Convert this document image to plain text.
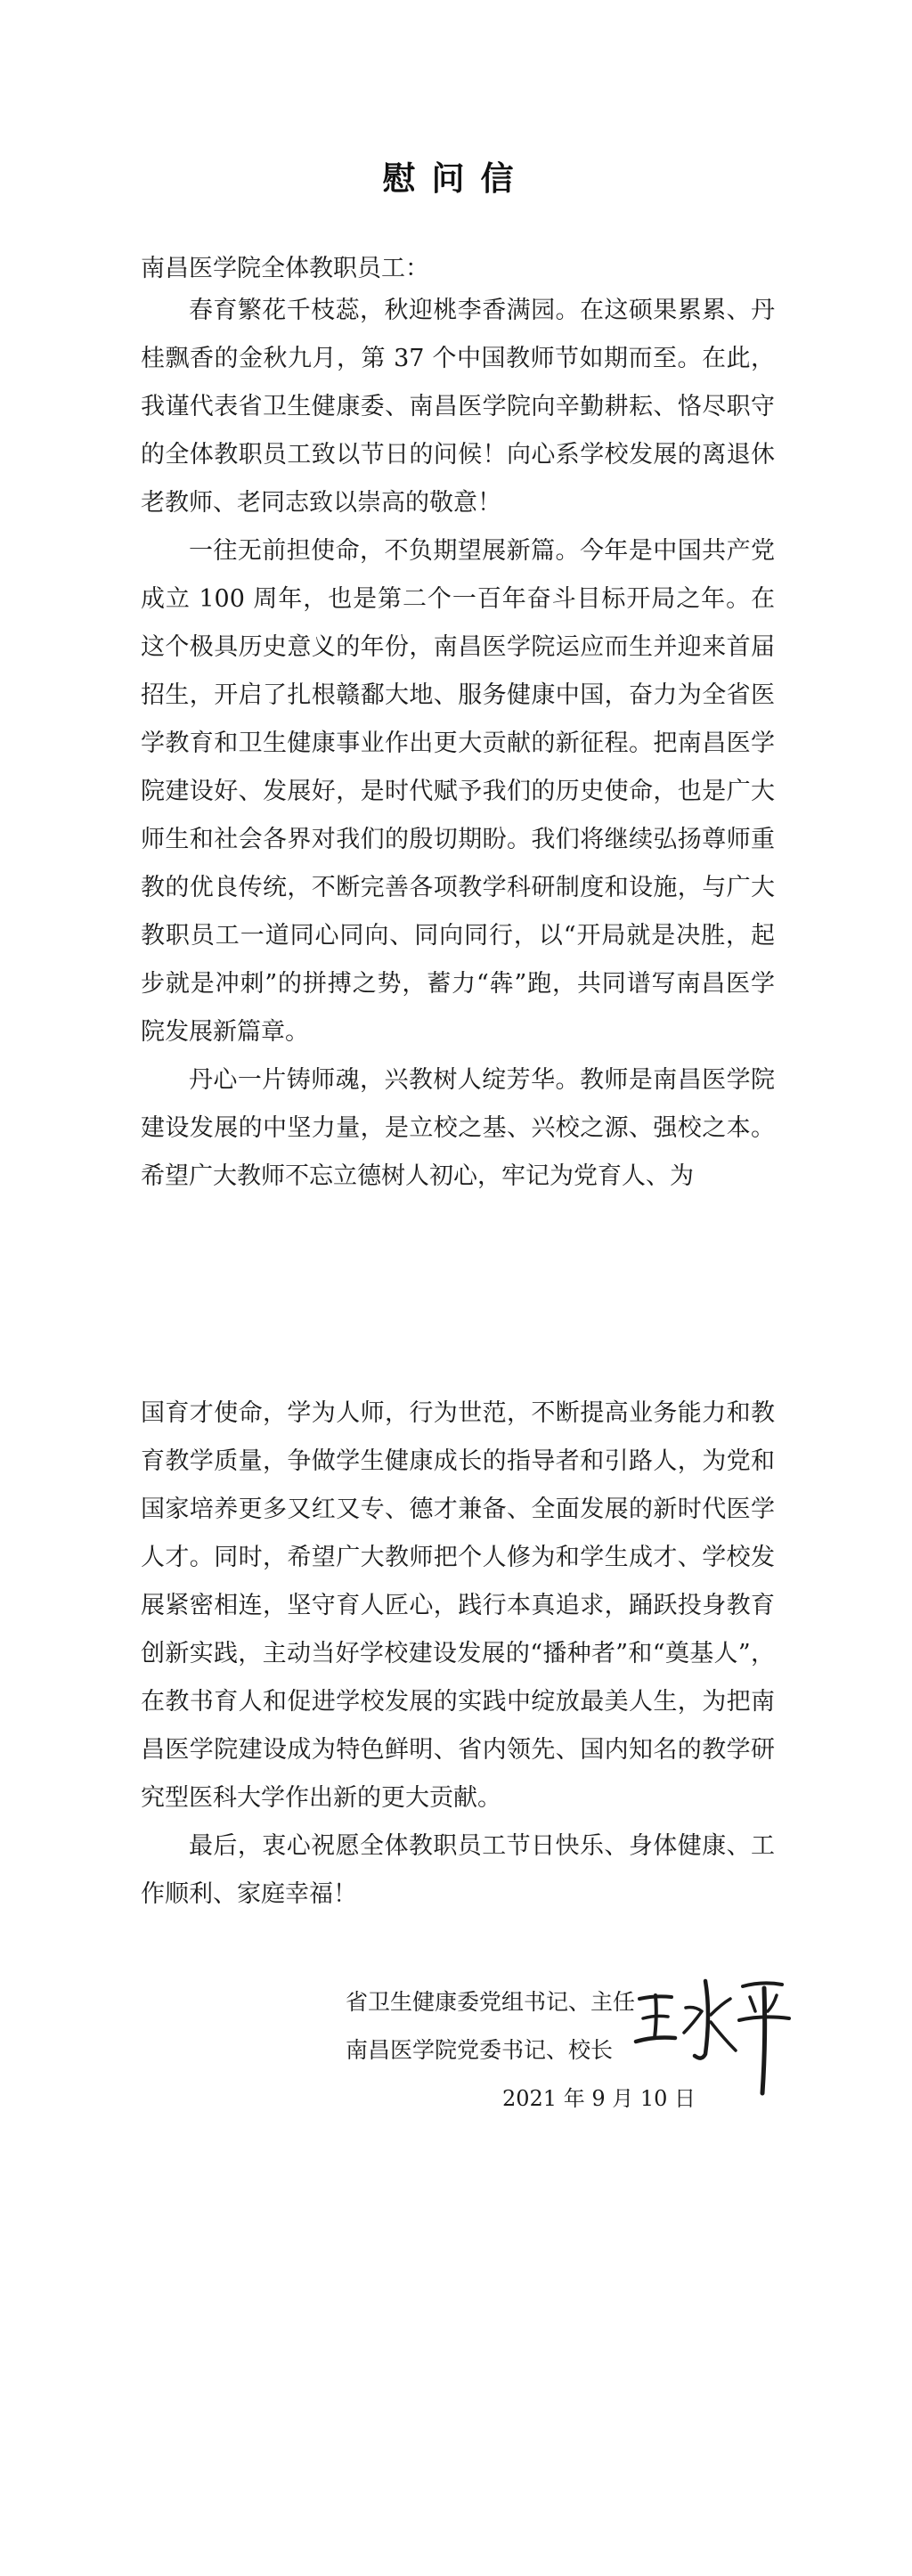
慰问信
南昌医学院全体教职员工：

春育繁花千枝蕊，秋迎桃李香满园。在这硕果累累、丹桂飘香的金秋九月，第 37 个中国教师节如期而至。在此，我谨代表省卫生健康委、南昌医学院向辛勤耕耘、恪尽职守的全体教职员工致以节日的问候！向心系学校发展的离退休老教师、老同志致以崇高的敬意！

一往无前担使命，不负期望展新篇。今年是中国共产党成立 100 周年，也是第二个一百年奋斗目标开局之年。在这个极具历史意义的年份，南昌医学院运应而生并迎来首届招生，开启了扎根赣鄱大地、服务健康中国，奋力为全省医学教育和卫生健康事业作出更大贡献的新征程。把南昌医学院建设好、发展好，是时代赋予我们的历史使命，也是广大师生和社会各界对我们的殷切期盼。我们将继续弘扬尊师重教的优良传统，不断完善各项教学科研制度和设施，与广大教职员工一道同心同向、同向同行，以“开局就是决胜，起步就是冲刺”的拼搏之势，蓄力“犇”跑，共同谱写南昌医学院发展新篇章。

丹心一片铸师魂，兴教树人绽芳华。教师是南昌医学院建设发展的中坚力量，是立校之基、兴校之源、强校之本。希望广大教师不忘立德树人初心，牢记为党育人、为

国育才使命，学为人师，行为世范，不断提高业务能力和教育教学质量，争做学生健康成长的指导者和引路人，为党和国家培养更多又红又专、德才兼备、全面发展的新时代医学人才。同时，希望广大教师把个人修为和学生成才、学校发展紧密相连，坚守育人匠心，践行本真追求，踊跃投身教育创新实践，主动当好学校建设发展的“播种者”和“奠基人”，在教书育人和促进学校发展的实践中绽放最美人生，为把南昌医学院建设成为特色鲜明、省内领先、国内知名的教学研究型医科大学作出新的更大贡献。

最后，衷心祝愿全体教职员工节日快乐、身体健康、工作顺利、家庭幸福！

省卫生健康委党组书记、主任
南昌医学院党委书记、校长
2021 年 9 月 10 日
